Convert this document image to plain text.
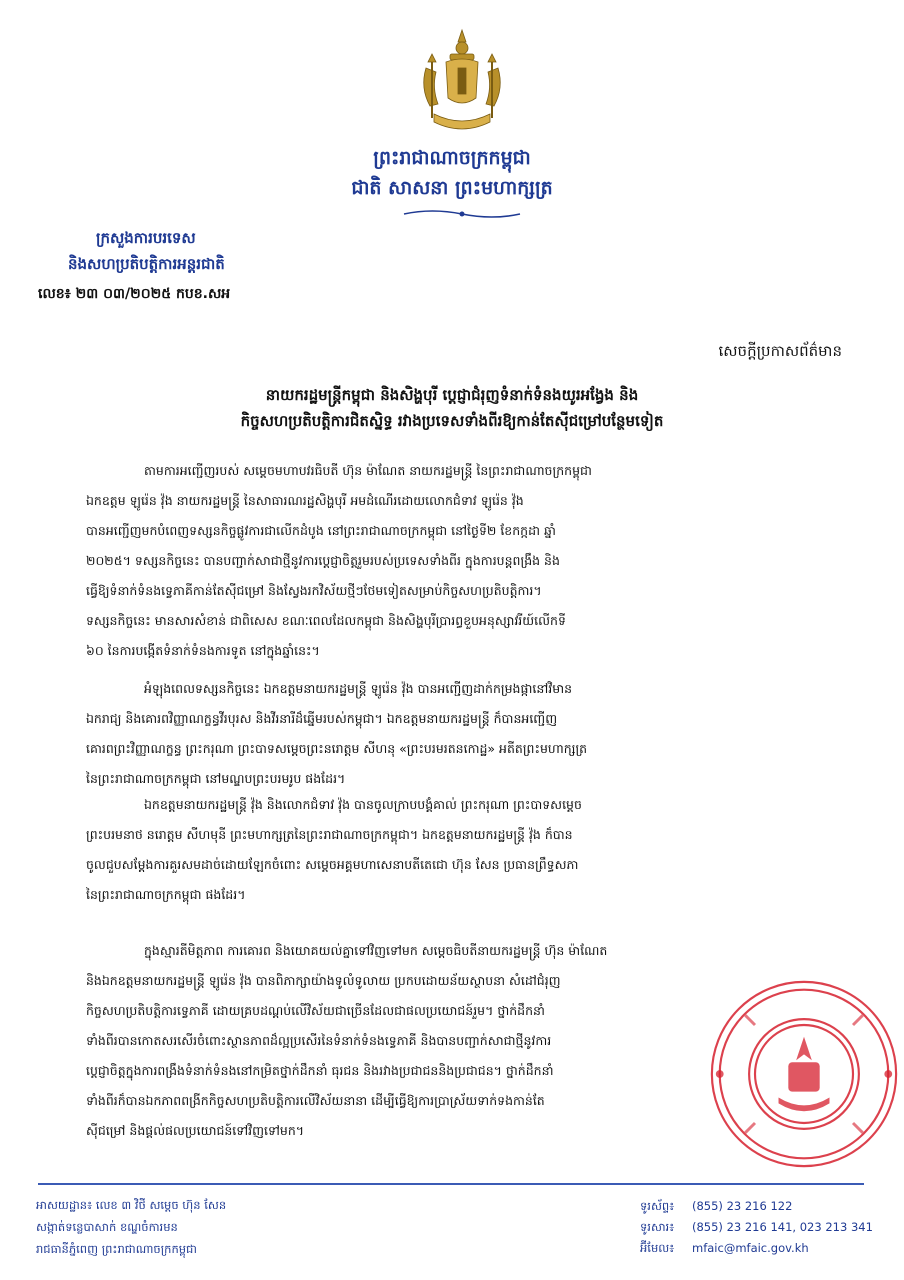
ព្រះរាជាណាចក្រកម្ពុជា
ជាតិ សាសនា ព្រះមហាក្សត្រ
ក្រសួងការបរទេស
និងសហប្រតិបត្តិការអន្តរជាតិ
លេខ៖ ២៣ ០៣/២០២៥ កបខ.សអ
សេចក្តីប្រកាសព័ត៌មាន
នាយករដ្ឋមន្ត្រីកម្ពុជា និងសិង្ហបុរី ប្តេជ្ញាជំរុញទំនាក់ទំនងយូរអង្វែង និង
កិច្ចសហប្រតិបត្តិការជិតស្និទ្ធ រវាងប្រទេសទាំងពីរឱ្យកាន់តែស៊ីជម្រៅបន្ថែមទៀត

តាមការអញ្ជើញរបស់ សម្តេចមហាបវរធិបតី ហ៊ុន ម៉ាណែត នាយករដ្ឋមន្ត្រី នៃព្រះរាជាណាចក្រកម្ពុជា

ឯកឧត្តម ឡូរ៉េន វ៉ុង នាយករដ្ឋមន្ត្រី នៃសាធារណរដ្ឋសិង្ហបុរី អមដំណើរដោយលោកជំទាវ ឡូរ៉េន វ៉ុង

បានអញ្ជើញមកបំពេញទស្សនកិច្ចផ្លូវការជាលើកដំបូង នៅព្រះរាជាណាចក្រកម្ពុជា នៅថ្ងៃទី២ ខែកក្កដា ឆ្នាំ

២០២៥។ ទស្សនកិច្ចនេះ បានបញ្ជាក់សាជាថ្មីនូវការប្តេជ្ញាចិត្តរួមរបស់ប្រទេសទាំងពីរ ក្នុងការបន្តពង្រឹង និង

ធ្វើឱ្យទំនាក់ទំនងទ្វេភាគីកាន់តែស៊ីជម្រៅ និងស្វែងរកវិស័យថ្មីៗថែមទៀតសម្រាប់កិច្ចសហប្រតិបត្តិការ។

ទស្សនកិច្ចនេះ មានសារសំខាន់ ជាពិសេស ខណៈពេលដែលកម្ពុជា និងសិង្ហបុរីប្រារព្ធខួបអនុស្សាវរីយ៍លើកទី

៦០ នៃការបង្កើតទំនាក់ទំនងការទូត នៅក្នុងឆ្នាំនេះ។

អំឡុងពេលទស្សនកិច្ចនេះ ឯកឧត្តមនាយករដ្ឋមន្ត្រី ឡូរ៉េន វ៉ុង បានអញ្ជើញដាក់កម្រងផ្កានៅវិមាន

ឯករាជ្យ និងគោរពវិញ្ញាណក្ខន្ធវីរបុរស និងវីរនារីដ៏ឆ្នើមរបស់កម្ពុជា។ ឯកឧត្តមនាយករដ្ឋមន្ត្រី ក៏បានអញ្ជើញ

គោរពព្រះវិញ្ញាណក្ខន្ធ ព្រះករុណា ព្រះបាទសម្តេចព្រះនរោត្តម សីហនុ «ព្រះបរមរតនកោដ្ឋ» អតីតព្រះមហាក្សត្រ

នៃព្រះរាជាណាចក្រកម្ពុជា នៅមណ្ឌបព្រះបរមរូប ផងដែរ។

ឯកឧត្តមនាយករដ្ឋមន្ត្រី វ៉ុង និងលោកជំទាវ វ៉ុង បានចូលក្រាបបង្គំគាល់ ព្រះករុណា ព្រះបាទសម្តេច

ព្រះបរមនាថ នរោត្តម សីហមុនី ព្រះមហាក្សត្រនៃព្រះរាជាណាចក្រកម្ពុជា។ ឯកឧត្តមនាយករដ្ឋមន្ត្រី វ៉ុង ក៏បាន

ចូលជួបសម្តែងការគួរសមដាច់ដោយឡែកចំពោះ សម្តេចអគ្គមហាសេនាបតីតេជោ ហ៊ុន សែន ប្រធានព្រឹទ្ធសភា

នៃព្រះរាជាណាចក្រកម្ពុជា ផងដែរ។

ក្នុងស្មារតីមិត្តភាព ការគោរព និងយោគយល់គ្នាទៅវិញទៅមក សម្តេចធិបតីនាយករដ្ឋមន្ត្រី ហ៊ុន ម៉ាណែត

និងឯកឧត្តមនាយករដ្ឋមន្ត្រី ឡូរ៉េន វ៉ុង បានពិភាក្សាយ៉ាងទូលំទូលាយ ប្រកបដោយន័យស្ថាបនា សំដៅជំរុញ

កិច្ចសហប្រតិបត្តិការទ្វេភាគី ដោយគ្របដណ្តប់លើវិស័យជាច្រើនដែលជាផលប្រយោជន៍រួម។ ថ្នាក់ដឹកនាំ

ទាំងពីរបានកោតសរសើរចំពោះស្ថានភាពដ៏ល្អប្រសើរនៃទំនាក់ទំនងទ្វេភាគី និងបានបញ្ជាក់សាជាថ្មីនូវការ

ប្តេជ្ញាចិត្តក្នុងការពង្រឹងទំនាក់ទំនងនៅកម្រិតថ្នាក់ដឹកនាំ ធុរជន និងរវាងប្រជាជននិងប្រជាជន។ ថ្នាក់ដឹកនាំ

ទាំងពីរក៏បានឯកភាពពង្រីកកិច្ចសហប្រតិបត្តិការលើវិស័យនានា ដើម្បីធ្វើឱ្យការប្រាស្រ័យទាក់ទងកាន់តែ

ស៊ីជម្រៅ និងផ្តល់ផលប្រយោជន៍ទៅវិញទៅមក។

អាសយដ្ឋាន៖ លេខ ៣ វិថី សម្តេច ហ៊ុន សែន
សង្កាត់ទន្លេបាសាក់ ខណ្ឌចំការមន
រាជធានីភ្នំពេញ ព្រះរាជាណាចក្រកម្ពុជា
ទូរស័ព្ទ៖ (855) 23 216 122
ទូរសារ៖ (855) 23 216 141, 023 213 341
អ៊ីមែល៖ mfaic@mfaic.gov.kh
